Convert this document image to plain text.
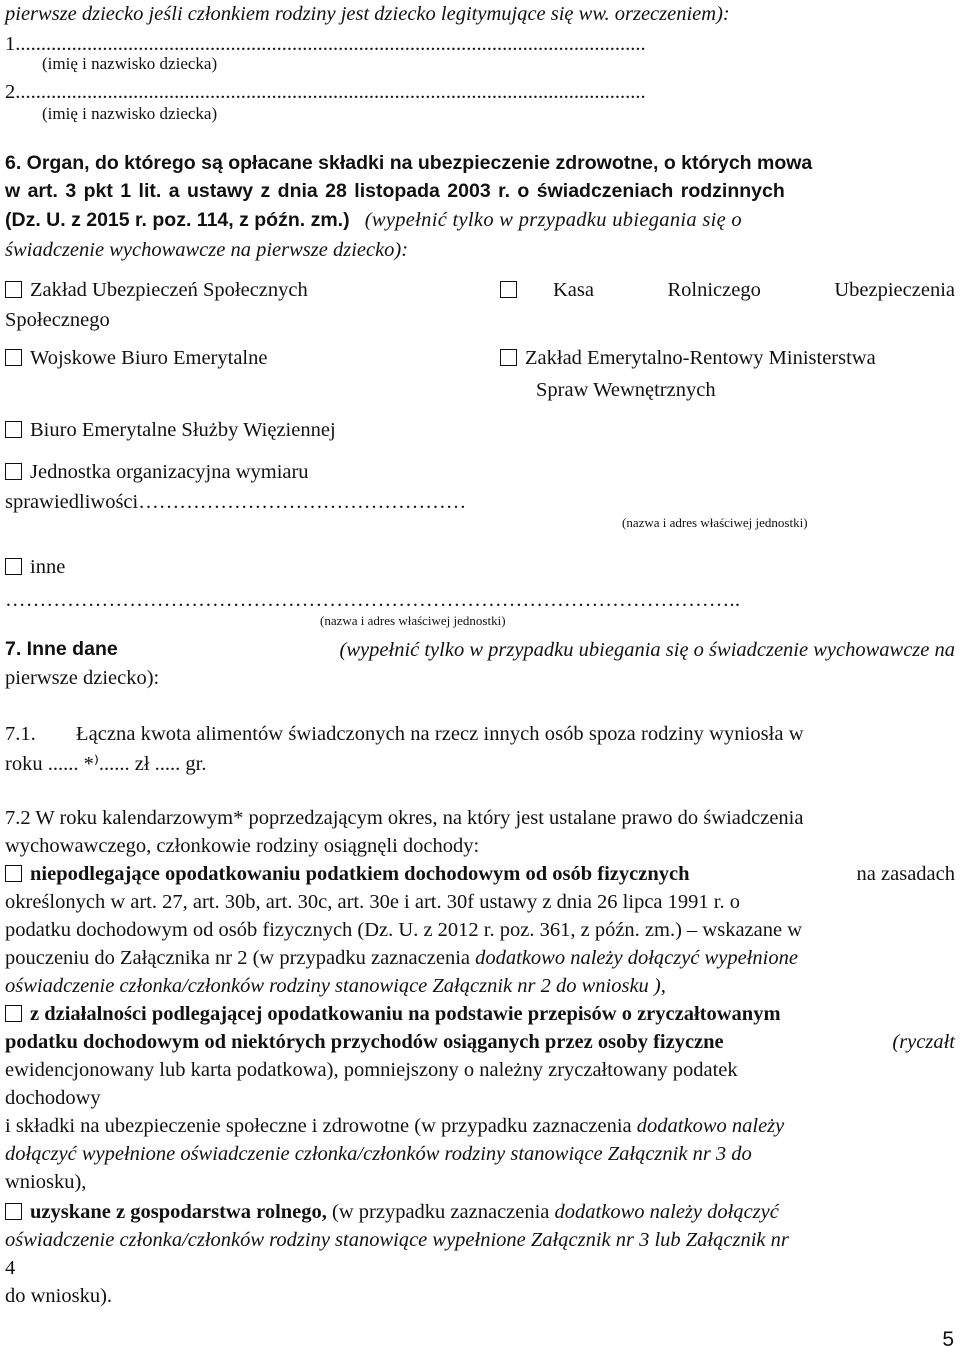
pierwsze dziecko jeśli członkiem rodziny jest dziecko legitymujące się ww. orzeczeniem):
1...........................................................................................................................
(imię i nazwisko dziecka)
2...........................................................................................................................
(imię i nazwisko dziecka)
6. Organ, do którego są opłacane składki na ubezpieczenie zdrowotne, o których mowa
w art. 3 pkt 1 lit. a ustawy z dnia 28 listopada 2003 r. o świadczeniach rodzinnych
(Dz. U. z 2015 r. poz. 114, z późn. zm.) (wypełnić tylko w przypadku ubiegania się o
świadczenie wychowawcze na pierwsze dziecko):
Zakład Ubezpieczeń Społecznych	Kasa	Rolniczego	Ubezpieczenia
Społecznego
Wojskowe Biuro Emerytalne	Zakład Emerytalno-Rentowy Ministerstwa
Spraw Wewnętrznych
Biuro Emerytalne Służby Więziennej
Jednostka organizacyjna wymiaru
sprawiedliwości…………………………………………
(nazwa i adres właściwej jednostki)
inne
……………………………………………………………………………………………..
(nazwa i adres właściwej jednostki)
7. Inne dane	(wypełnić tylko w przypadku ubiegania się o świadczenie wychowawcze na
pierwsze dziecko):
7.1. Łączna kwota alimentów świadczonych na rzecz innych osób spoza rodziny wyniosła w
roku ...... *⁾...... zł ..... gr.
7.2 W roku kalendarzowym* poprzedzającym okres, na który jest ustalane prawo do świadczenia
wychowawczego, członkowie rodziny osiągnęli dochody:
niepodlegające opodatkowaniu podatkiem dochodowym od osób fizycznych	na zasadach
określonych w art. 27, art. 30b, art. 30c, art. 30e i art. 30f ustawy z dnia 26 lipca 1991 r. o
podatku dochodowym od osób fizycznych (Dz. U. z 2012 r. poz. 361, z późn. zm.) – wskazane w
pouczeniu do Załącznika nr 2 (w przypadku zaznaczenia dodatkowo należy dołączyć wypełnione
oświadczenie członka/członków rodziny stanowiące Załącznik nr 2 do wniosku ),
z działalności podlegającej opodatkowaniu na podstawie przepisów o zryczałtowanym
podatku dochodowym od niektórych przychodów osiąganych przez osoby fizyczne	(ryczałt
ewidencjonowany lub karta podatkowa), pomniejszony o należny zryczałtowany podatek
dochodowy
i składki na ubezpieczenie społeczne i zdrowotne (w przypadku zaznaczenia dodatkowo należy
dołączyć wypełnione oświadczenie członka/członków rodziny stanowiące Załącznik nr 3 do
wniosku),
uzyskane z gospodarstwa rolnego, (w przypadku zaznaczenia dodatkowo należy dołączyć
oświadczenie członka/członków rodziny stanowiące wypełnione Załącznik nr 3 lub Załącznik nr
4
do wniosku).
5
